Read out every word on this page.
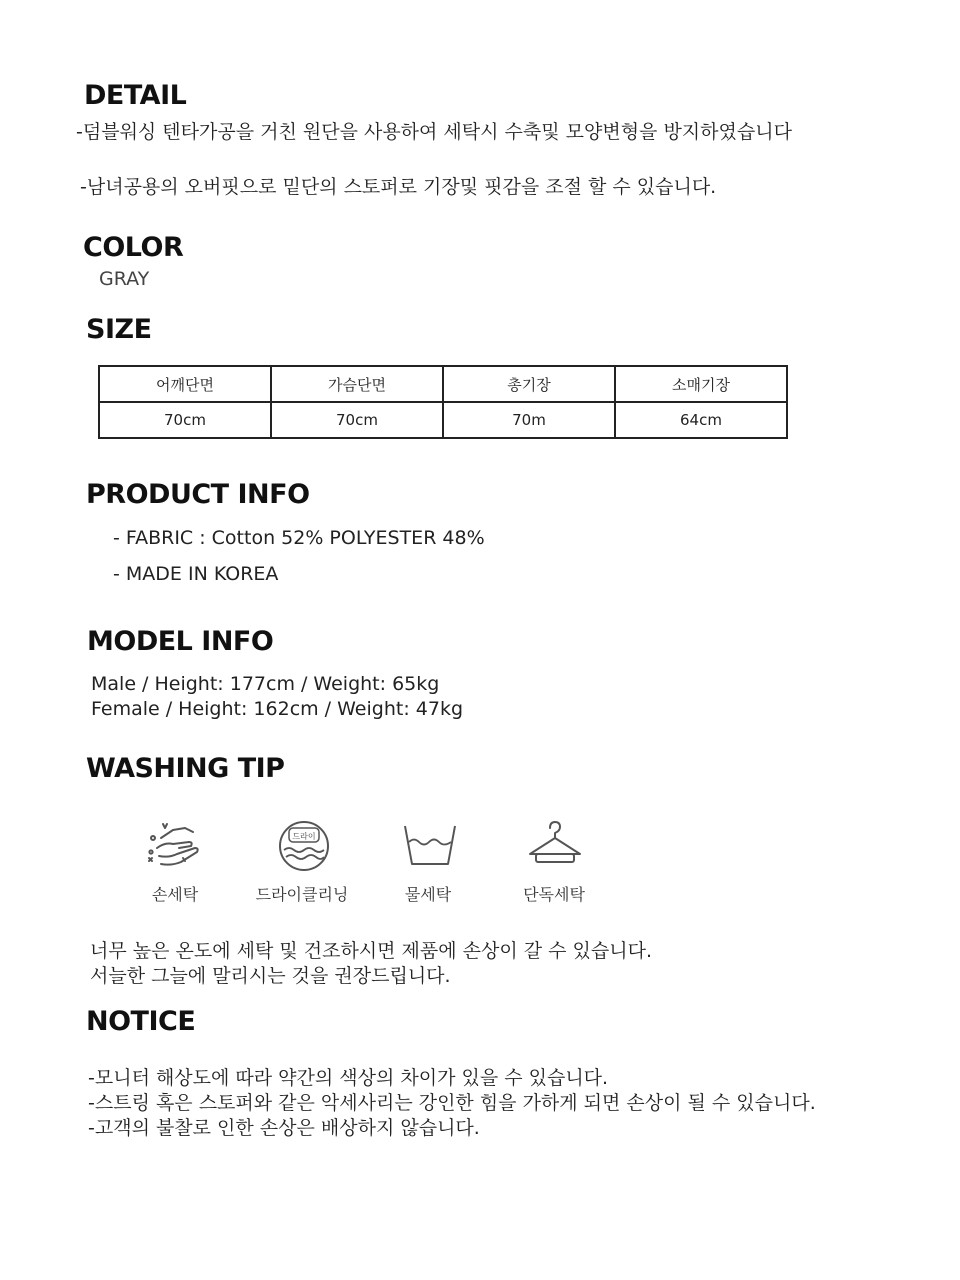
DETAIL
-덤블워싱 텐타가공을 거친 원단을 사용하여 세탁시 수축및 모양변형을 방지하였습니다
-남녀공용의 오버핏으로 밑단의 스토퍼로 기장및 핏감을 조절 할 수 있습니다.
COLOR
GRAY
SIZE
어깨단면	가슴단면	총기장	소매기장
70cm	70cm	70m	64cm
PRODUCT INFO
- FABRIC : Cotton 52% POLYESTER 48%
- MADE IN KOREA
MODEL INFO
Male / Height: 177cm / Weight: 65kg
Female / Height: 162cm / Weight: 47kg
WASHING TIP
손세탁
드라이
드라이클리닝	물세탁	단독세탁
너무 높은 온도에 세탁 및 건조하시면 제품에 손상이 갈 수 있습니다.
서늘한 그늘에 말리시는 것을 권장드립니다.
NOTICE
-모니터 해상도에 따라 약간의 색상의 차이가 있을 수 있습니다.
-스트링 혹은 스토퍼와 같은 악세사리는 강인한 힘을 가하게 되면 손상이 될 수 있습니다.
-고객의 불찰로 인한 손상은 배상하지 않습니다.
